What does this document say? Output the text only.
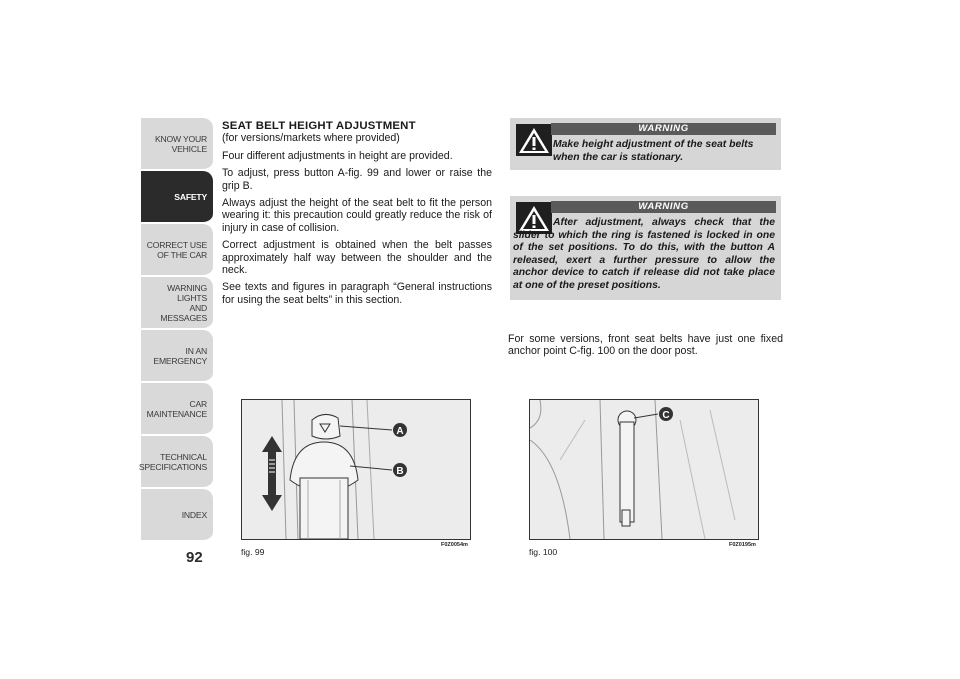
KNOW YOUR
VEHICLE
SAFETY
CORRECT USE
OF THE CAR
WARNING LIGHTS
AND MESSAGES
IN AN EMERGENCY
CAR
MAINTENANCE
TECHNICAL
SPECIFICATIONS
INDEX
92
SEAT BELT HEIGHT ADJUSTMENT

(for versions/markets where provided)

Four different adjustments in height are provided.

To adjust, press button A-fig. 99 and lower or raise the grip B.

Always adjust the height of the seat belt to fit the person wearing it: this precaution could greatly reduce the risk of injury in case of collision.

Correct adjustment is obtained when the belt passes approximately half way between the shoulder and the neck.

See texts and figures in paragraph “General instructions for using the seat belts” in this section.

WARNING
Make height adjustment of the seat belts when the car is stationary.
WARNING
After adjustment, always check that the slider to which the ring is fastened is locked in one of the set positions. To do this, with the button A released, exert a further pressure to allow the anchor device to catch if release did not take place at one of the preset positions.
For some versions, front seat belts have just one fixed anchor point C-fig. 100 on the door post.
A
B
fig. 99
F0Z0054m
C
fig. 100
F0Z0195m
